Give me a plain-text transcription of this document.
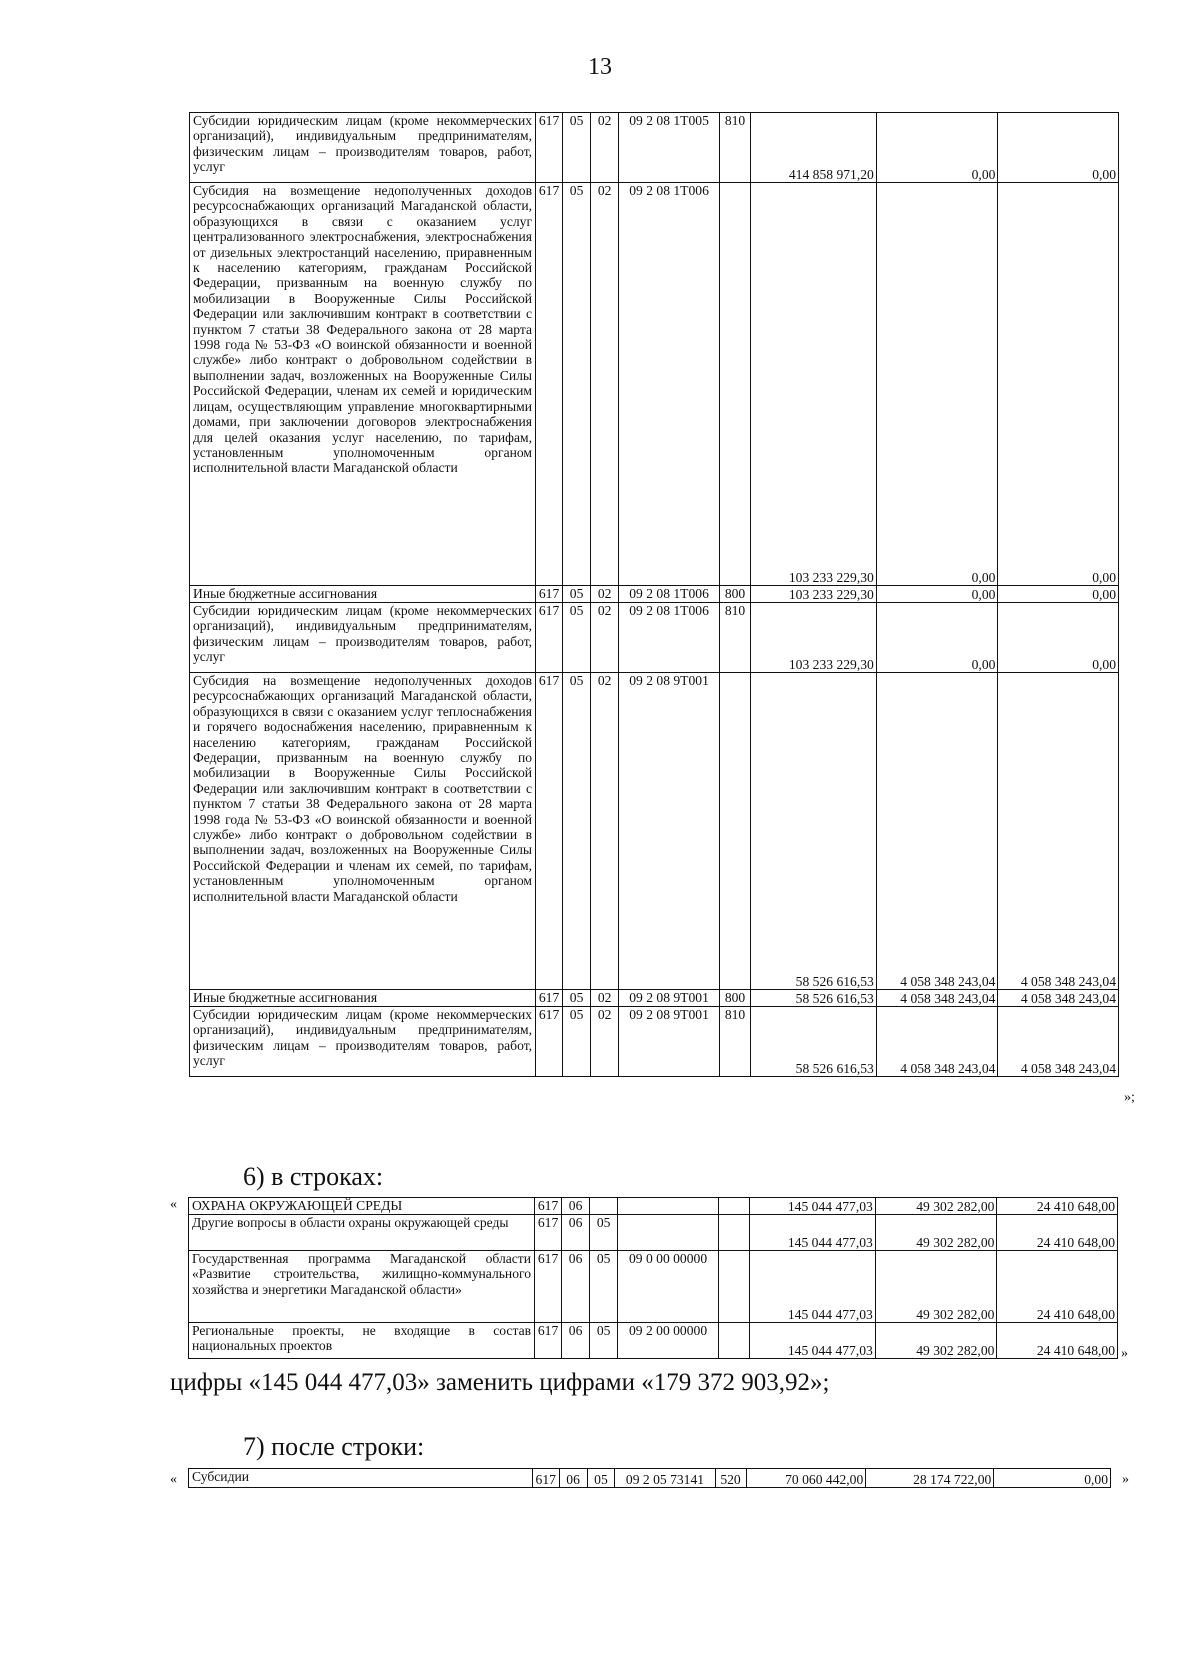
13
Субсидии юридическим лицам (кроме некоммерческих организаций), индивидуальным предпринимателям, физическим лицам – производителям товаров, работ, услуг	617	05	02	09 2 08 1Т005	810	414 858 971,20	0,00	0,00
Субсидия на возмещение недополученных доходов ресурсоснабжающих организаций Магаданской области, образующихся в связи с оказанием услуг централизованного электроснабжения, электроснабжения от дизельных электростанций населению, приравненным к населению категориям, гражданам Российской Федерации, призванным на военную службу по мобилизации в Вооруженные Силы Российской Федерации или заключившим контракт в соответствии с пунктом 7 статьи 38 Федерального закона от 28 марта 1998 года № 53-ФЗ «О воинской обязанности и военной службе» либо контракт о добровольном содействии в выполнении задач, возложенных на Вооруженные Силы Российской Федерации, членам их семей и юридическим лицам, осуществляющим управление многоквартирными домами, при заключении договоров электроснабжения для целей оказания услуг населению, по тарифам, установленным уполномоченным органом исполнительной власти Магаданской области	617	05	02	09 2 08 1Т006		103 233 229,30	0,00	0,00
Иные бюджетные ассигнования	617	05	02	09 2 08 1Т006	800	103 233 229,30	0,00	0,00
Субсидии юридическим лицам (кроме некоммерческих организаций), индивидуальным предпринимателям, физическим лицам – производителям товаров, работ, услуг	617	05	02	09 2 08 1Т006	810	103 233 229,30	0,00	0,00
Субсидия на возмещение недополученных доходов ресурсоснабжающих организаций Магаданской области, образующихся в связи с оказанием услуг теплоснабжения и горячего водоснабжения населению, приравненным к населению категориям, гражданам Российской Федерации, призванным на военную службу по мобилизации в Вооруженные Силы Российской Федерации или заключившим контракт в соответствии с пунктом 7 статьи 38 Федерального закона от 28 марта 1998 года № 53-ФЗ «О воинской обязанности и военной службе» либо контракт о добровольном содействии в выполнении задач, возложенных на Вооруженные Силы Российской Федерации и членам их семей, по тарифам, установленным уполномоченным органом исполнительной власти Магаданской области	617	05	02	09 2 08 9Т001		58 526 616,53	4 058 348 243,04	4 058 348 243,04
Иные бюджетные ассигнования	617	05	02	09 2 08 9Т001	800	58 526 616,53	4 058 348 243,04	4 058 348 243,04
Субсидии юридическим лицам (кроме некоммерческих организаций), индивидуальным предпринимателям, физическим лицам – производителям товаров, работ, услуг	617	05	02	09 2 08 9Т001	810	58 526 616,53	4 058 348 243,04	4 058 348 243,04
»;
6) в строках:
« ОХРАНА ОКРУЖАЮЩЕЙ СРЕДЫ	617	06				145 044 477,03	49 302 282,00	24 410 648,00
Другие вопросы в области охраны окружающей среды	617	06	05			145 044 477,03	49 302 282,00	24 410 648,00
Государственная программа Магаданской области «Развитие строительства, жилищно-коммунального хозяйства и энергетики Магаданской области»	617	06	05	09 0 00 00000		145 044 477,03	49 302 282,00	24 410 648,00
Региональные проекты, не входящие в состав национальных проектов	617	06	05	09 2 00 00000		145 044 477,03	49 302 282,00	24 410 648,00 »
цифры «145 044 477,03» заменить цифрами «179 372 903,92»;
7) после строки:
« Субсидии	617	06	05	09 2 05 73141	520	70 060 442,00	28 174 722,00	0,00 »
